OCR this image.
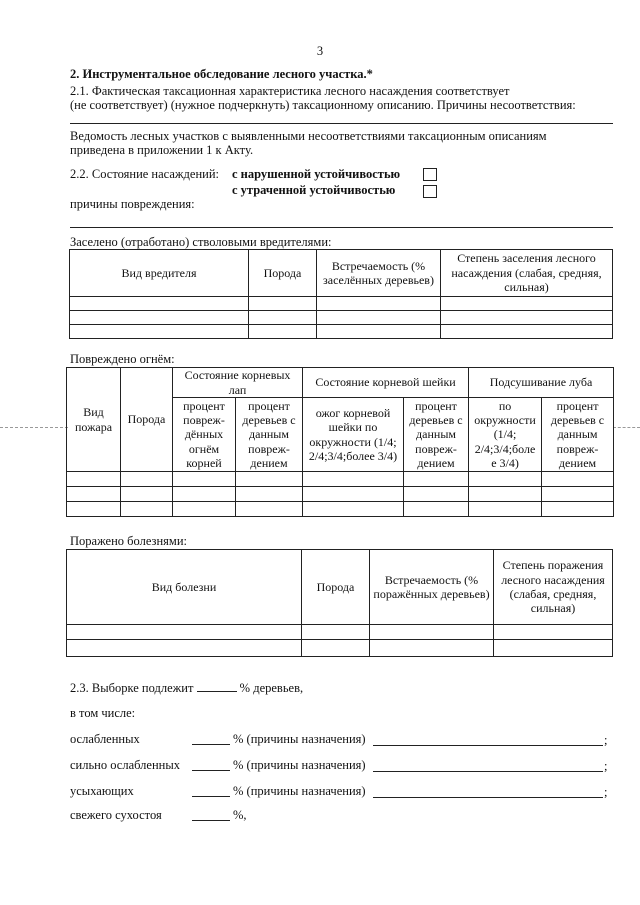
3
2. Инструментальное обследование лесного участка.*
2.1. Фактическая таксационная характеристика лесного насаждения соответствует
(не соответствует) (нужное подчеркнуть) таксационному описанию. Причины несоответствия:
Ведомость лесных участков с выявленными несоответствиями таксационным описаниям
приведена в приложении 1 к Акту.
2.2. Состояние насаждений: с нарушенной устойчивостью
с утраченной устойчивостью
причины повреждения:
Заселено (отработано) стволовыми вредителями:
Вид вредителя	Порода	Встречаемость (% заселённых деревьев)	Степень заселения лесного насаждения (слабая, средняя, сильная)

Повреждено огнём:
Вид пожара	Порода	Состояние корневых лап		Состояние корневой шейки		Подсушивание луба	
		процент повреж-дённых огнём корней	процент деревьев с данным повреж-дением	ожог корневой шейки по окружности (1/4; 2/4;3/4;более 3/4)	процент деревьев с данным повреж-дением	по окружности (1/4; 2/4;3/4;боле е 3/4)	процент деревьев с данным повреж-дением

Поражено болезнями:
Вид болезни	Порода	Встречаемость (% поражённых деревьев)	Степень поражения лесного насаждения (слабая, средняя, сильная)

2.3. Выборке подлежит	% деревьев,
в том числе:
ослабленных	% (причины назначения)	;
сильно ослабленных	% (причины назначения)	;
усыхающих	% (причины назначения)	;
свежего сухостоя	%,
